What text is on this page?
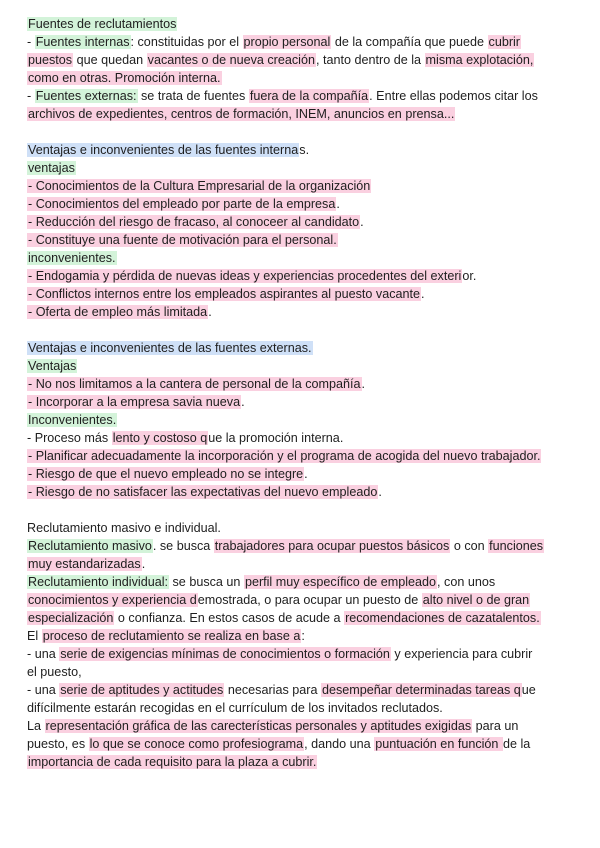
Fuentes de reclutamientos
- Fuentes internas: constituidas por el propio personal de la compañía que puede cubrir
puestos que quedan vacantes o de nueva creación, tanto dentro de la misma explotación,
como en otras. Promoción interna.
- Fuentes externas: se trata de fuentes fuera de la compañía. Entre ellas podemos citar los
archivos de expedientes, centros de formación, INEM, anuncios en prensa...
Ventajas e inconvenientes de las fuentes internas.
ventajas
- Conocimientos de la Cultura Empresarial de la organización
- Conocimientos del empleado por parte de la empresa.
- Reducción del riesgo de fracaso, al conoceer al candidato.
- Constituye una fuente de motivación para el personal.
inconvenientes.
- Endogamia y pérdida de nuevas ideas y experiencias procedentes del exterior.
- Conflictos internos entre los empleados aspirantes al puesto vacante.
- Oferta de empleo más limitada.
Ventajas e inconvenientes de las fuentes externas.
Ventajas
- No nos limitamos a la cantera de personal de la compañía.
- Incorporar a la empresa savia nueva.
Inconvenientes.
- Proceso más lento y costoso que la promoción interna.
- Planificar adecuadamente la incorporación y el programa de acogida del nuevo trabajador.
- Riesgo de que el nuevo empleado no se integre.
- Riesgo de no satisfacer las expectativas del nuevo empleado.
Reclutamiento masivo e individual.
Reclutamiento masivo. se busca trabajadores para ocupar puestos básicos o con funciones
muy estandarizadas.
Reclutamiento individual: se busca un perfil muy específico de empleado, con unos
conocimientos y experiencia demostrada, o para ocupar un puesto de alto nivel o de gran
especialización o confianza. En estos casos de acude a recomendaciones de cazatalentos.
El proceso de reclutamiento se realiza en base a:
- una serie de exigencias mínimas de conocimientos o formación y experiencia para cubrir
el puesto,
- una serie de aptitudes y actitudes necesarias para desempeñar determinadas tareas que
difícilmente estarán recogidas en el currículum de los invitados reclutados.
La representación gráfica de las carecterísticas personales y aptitudes exigidas para un
puesto, es lo que se conoce como profesiograma, dando una puntuación en función de la
importancia de cada requisito para la plaza a cubrir.
